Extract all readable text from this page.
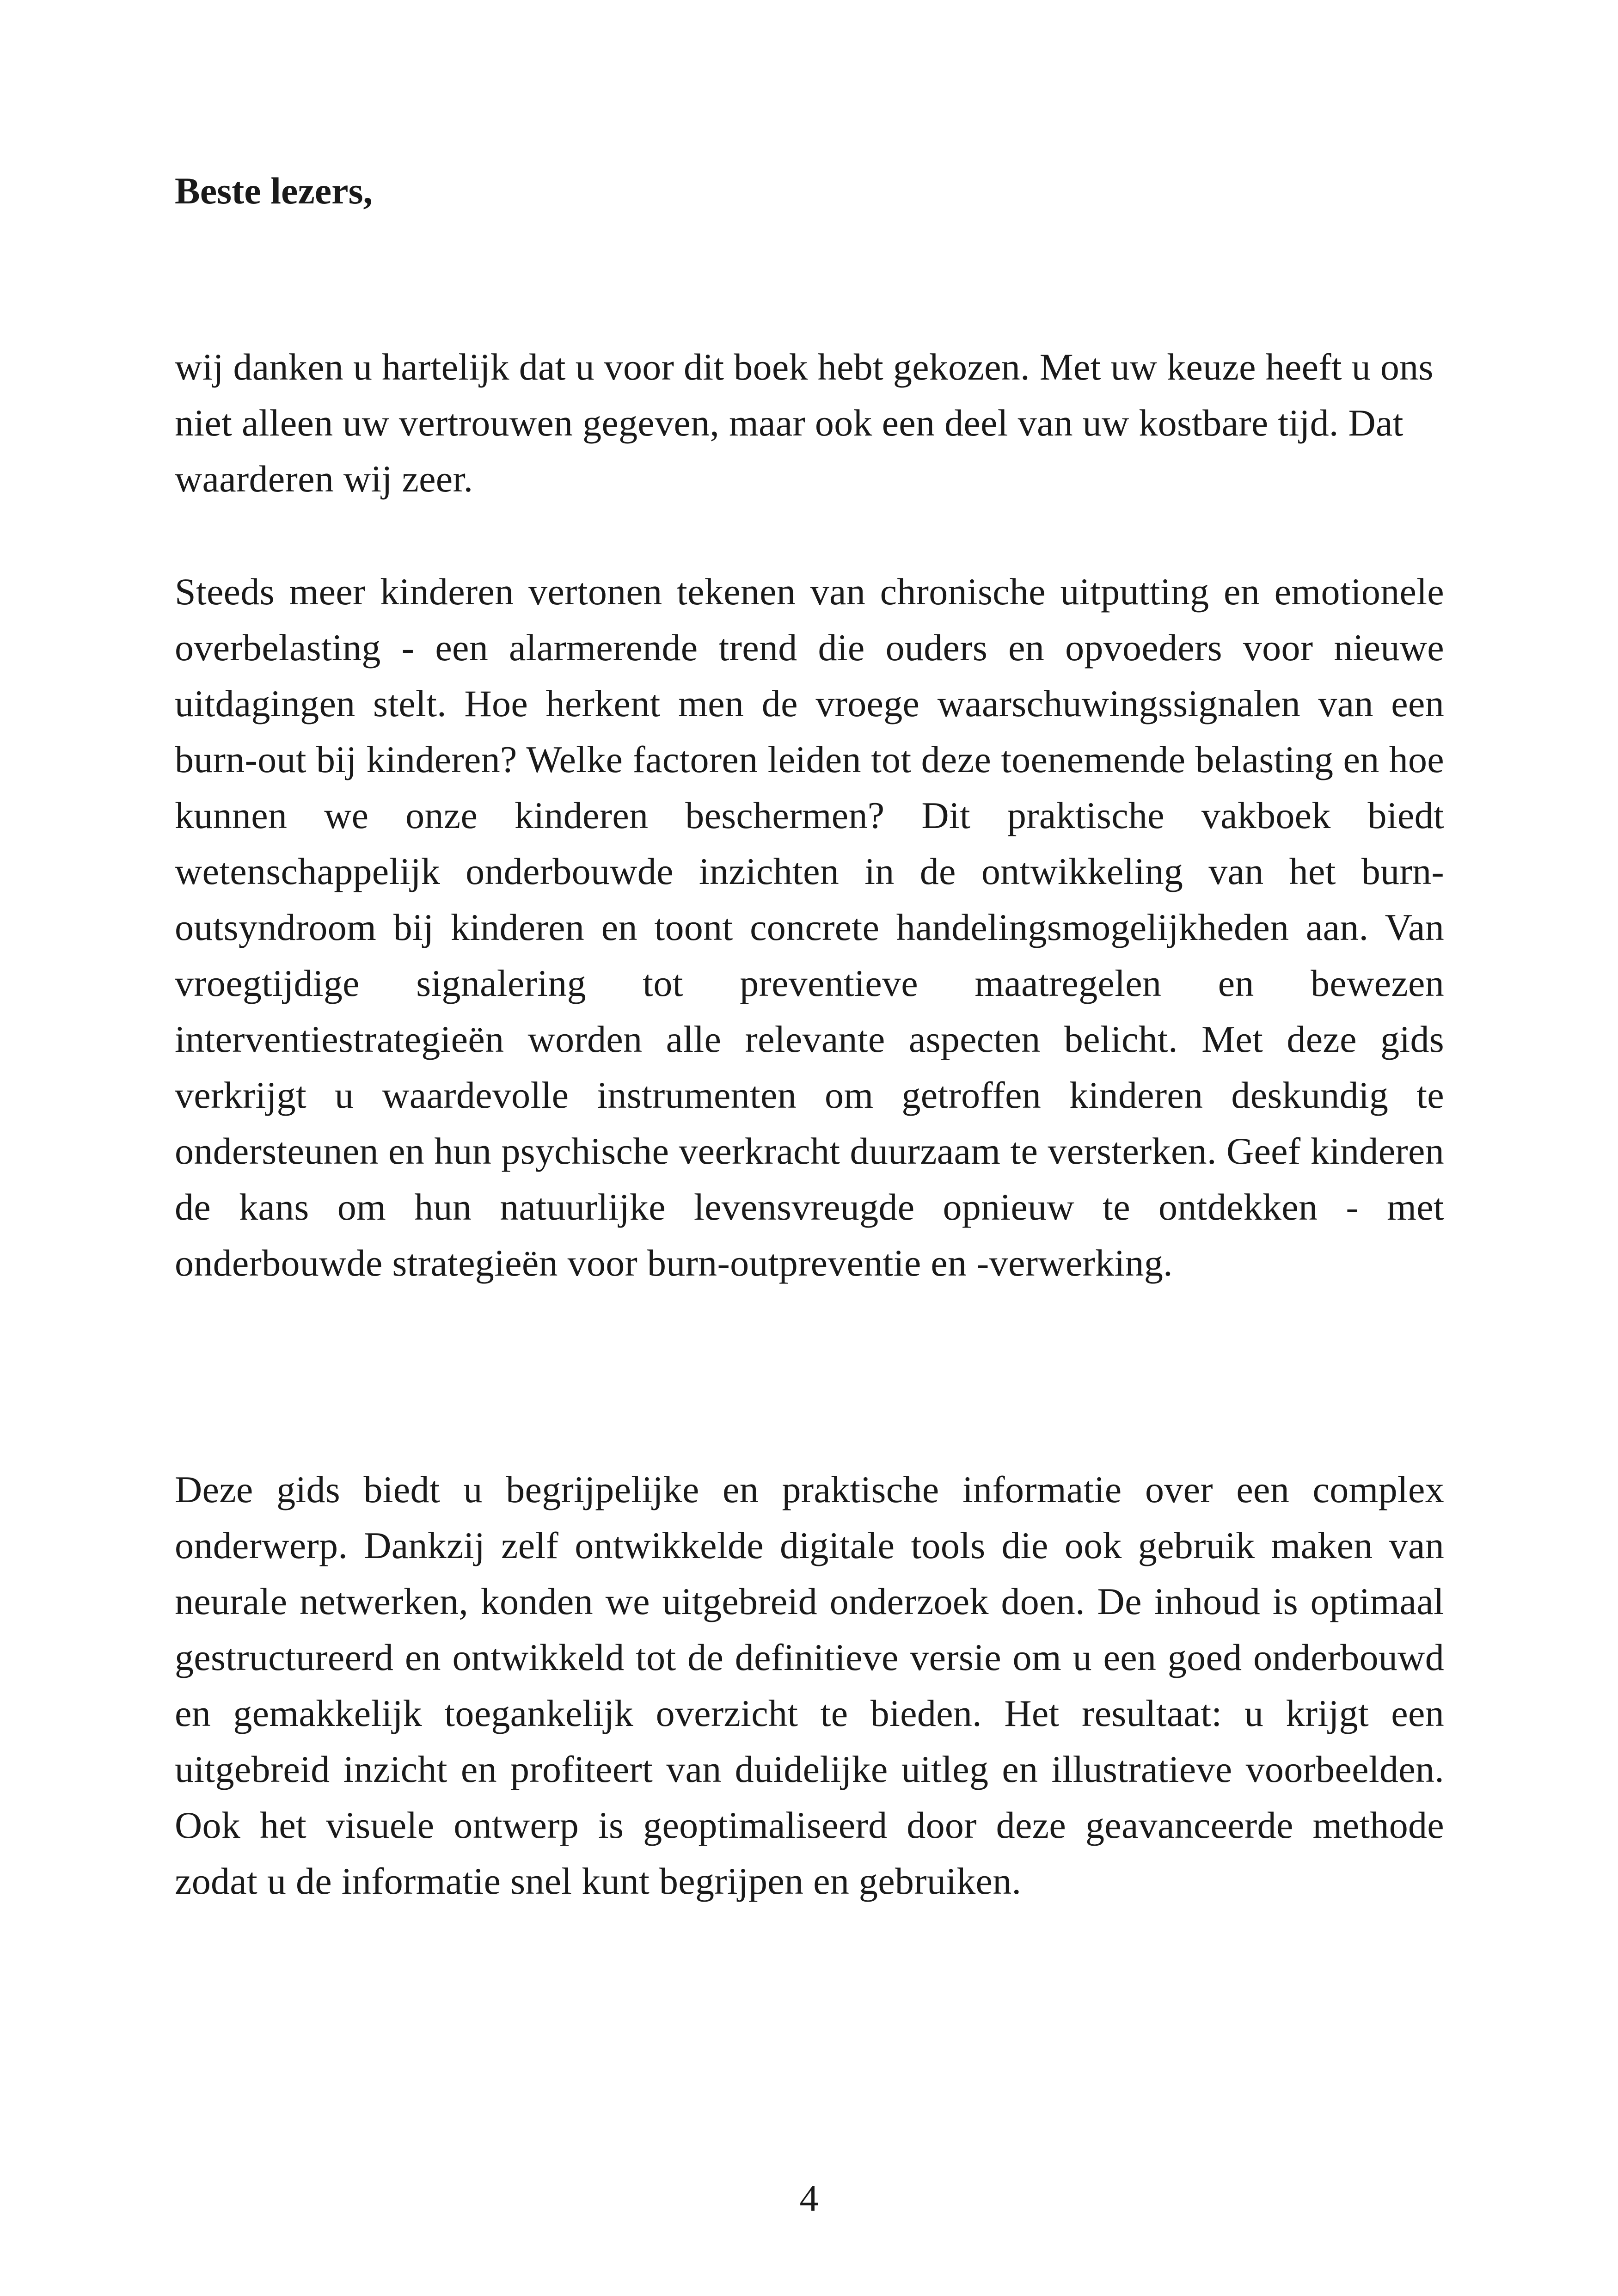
Beste lezers,

wij danken u hartelijk dat u voor dit boek hebt gekozen. Met uw keuze heeft u ons niet alleen uw vertrouwen gegeven, maar ook een deel van uw kostbare tijd. Dat waarderen wij zeer.

Steeds meer kinderen vertonen tekenen van chronische uitputting en emotionele overbelasting - een alarmerende trend die ouders en opvoeders voor nieuwe uitdagingen stelt. Hoe herkent men de vroege waarschuwingssignalen van een burn-out bij kinderen? Welke factoren leiden tot deze toenemende belasting en hoe kunnen we onze kinderen beschermen? Dit praktische vakboek biedt wetenschappelijk onderbouwde inzichten in de ontwikkeling van het burn-outsyndroom bij kinderen en toont concrete handelingsmogelijkheden aan. Van vroegtijdige signalering tot preventieve maatregelen en bewezen interventiestrategieën worden alle relevante aspecten belicht. Met deze gids verkrijgt u waardevolle instrumenten om getroffen kinderen deskundig te ondersteunen en hun psychische veerkracht duurzaam te versterken. Geef kinderen de kans om hun natuurlijke levensvreugde opnieuw te ontdekken - met onderbouwde strategieën voor burn-outpreventie en -verwerking.

Deze gids biedt u begrijpelijke en praktische informatie over een complex onderwerp. Dankzij zelf ontwikkelde digitale tools die ook gebruik maken van neurale netwerken, konden we uitgebreid onderzoek doen. De inhoud is optimaal gestructureerd en ontwikkeld tot de definitieve versie om u een goed onderbouwd en gemakkelijk toegankelijk overzicht te bieden. Het resultaat: u krijgt een uitgebreid inzicht en profiteert van duidelijke uitleg en illustratieve voorbeelden. Ook het visuele ontwerp is geoptimaliseerd door deze geavanceerde methode zodat u de informatie snel kunt begrijpen en gebruiken.

4
